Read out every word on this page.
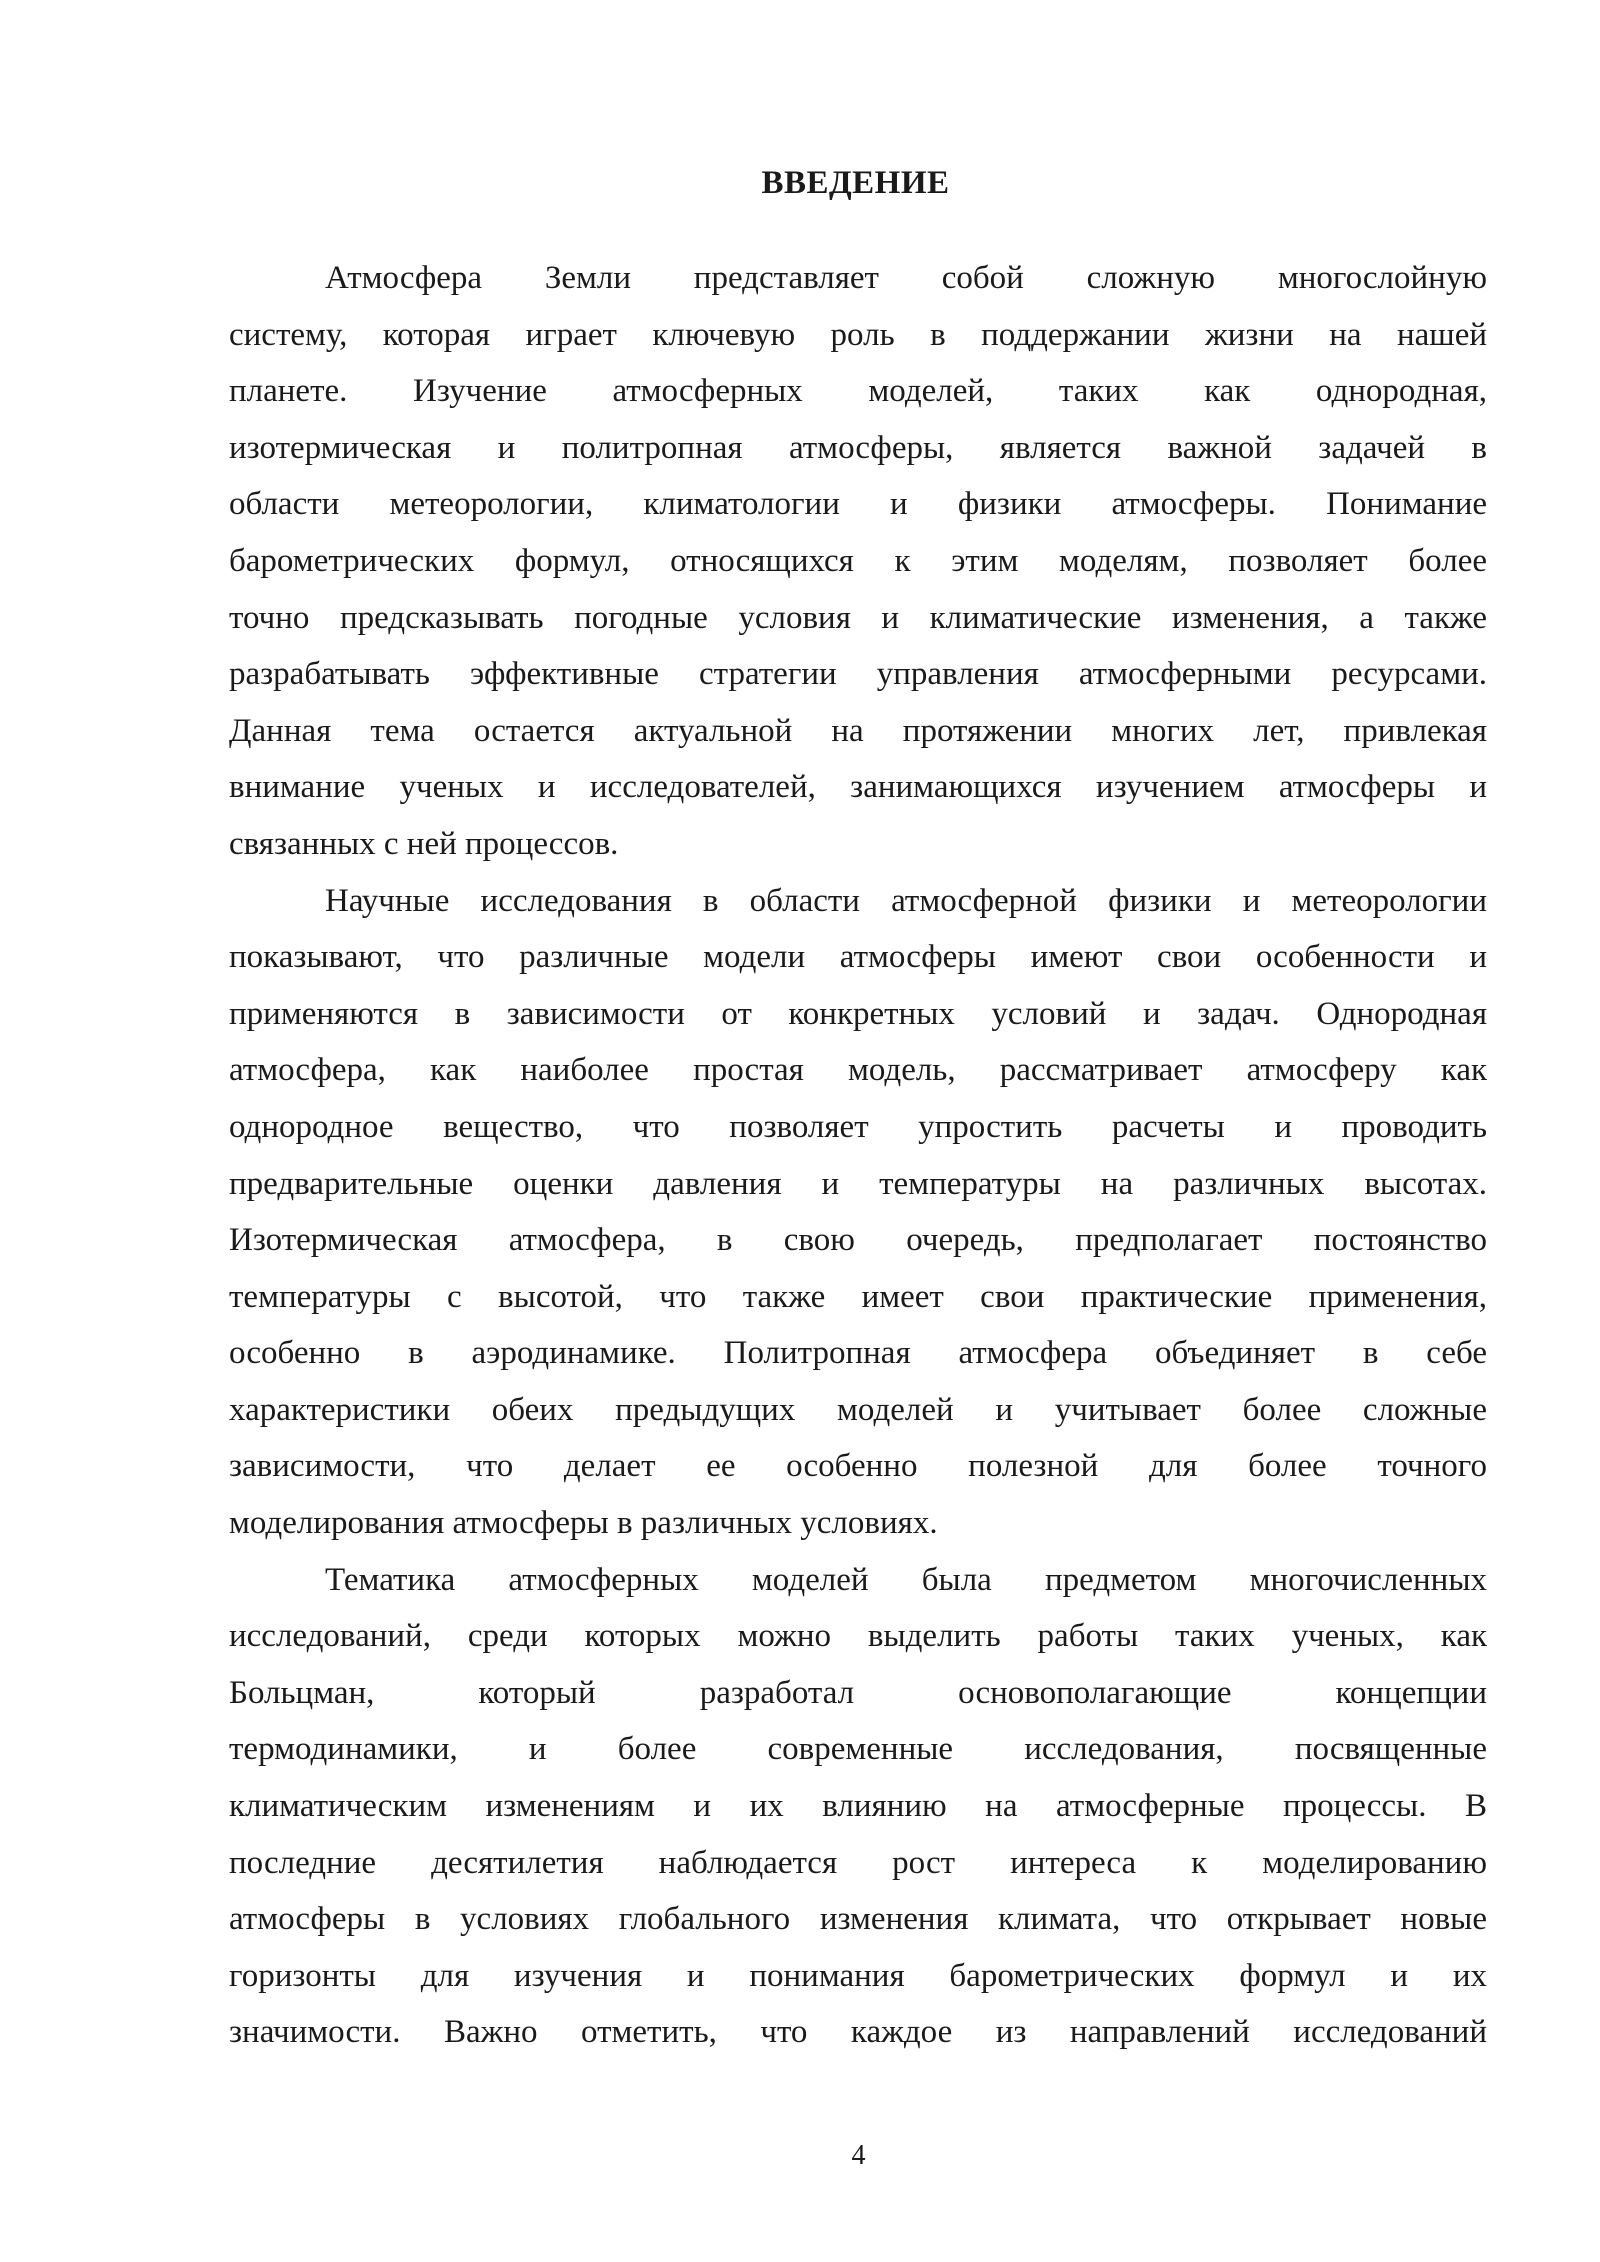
ВВЕДЕНИЕ
Атмосфера Земли представляет собой сложную многослойную
систему, которая играет ключевую роль в поддержании жизни на нашей
планете. Изучение атмосферных моделей, таких как однородная,
изотермическая и политропная атмосферы, является важной задачей в
области метеорологии, климатологии и физики атмосферы. Понимание
барометрических формул, относящихся к этим моделям, позволяет более
точно предсказывать погодные условия и климатические изменения, а также
разрабатывать эффективные стратегии управления атмосферными ресурсами.
Данная тема остается актуальной на протяжении многих лет, привлекая
внимание ученых и исследователей, занимающихся изучением атмосферы и
связанных с ней процессов.
Научные исследования в области атмосферной физики и метеорологии
показывают, что различные модели атмосферы имеют свои особенности и
применяются в зависимости от конкретных условий и задач. Однородная
атмосфера, как наиболее простая модель, рассматривает атмосферу как
однородное вещество, что позволяет упростить расчеты и проводить
предварительные оценки давления и температуры на различных высотах.
Изотермическая атмосфера, в свою очередь, предполагает постоянство
температуры с высотой, что также имеет свои практические применения,
особенно в аэродинамике. Политропная атмосфера объединяет в себе
характеристики обеих предыдущих моделей и учитывает более сложные
зависимости, что делает ее особенно полезной для более точного
моделирования атмосферы в различных условиях.
Тематика атмосферных моделей была предметом многочисленных
исследований, среди которых можно выделить работы таких ученых, как
Больцман, который разработал основополагающие концепции
термодинамики, и более современные исследования, посвященные
климатическим изменениям и их влиянию на атмосферные процессы. В
последние десятилетия наблюдается рост интереса к моделированию
атмосферы в условиях глобального изменения климата, что открывает новые
горизонты для изучения и понимания барометрических формул и их
значимости. Важно отметить, что каждое из направлений исследований
4
